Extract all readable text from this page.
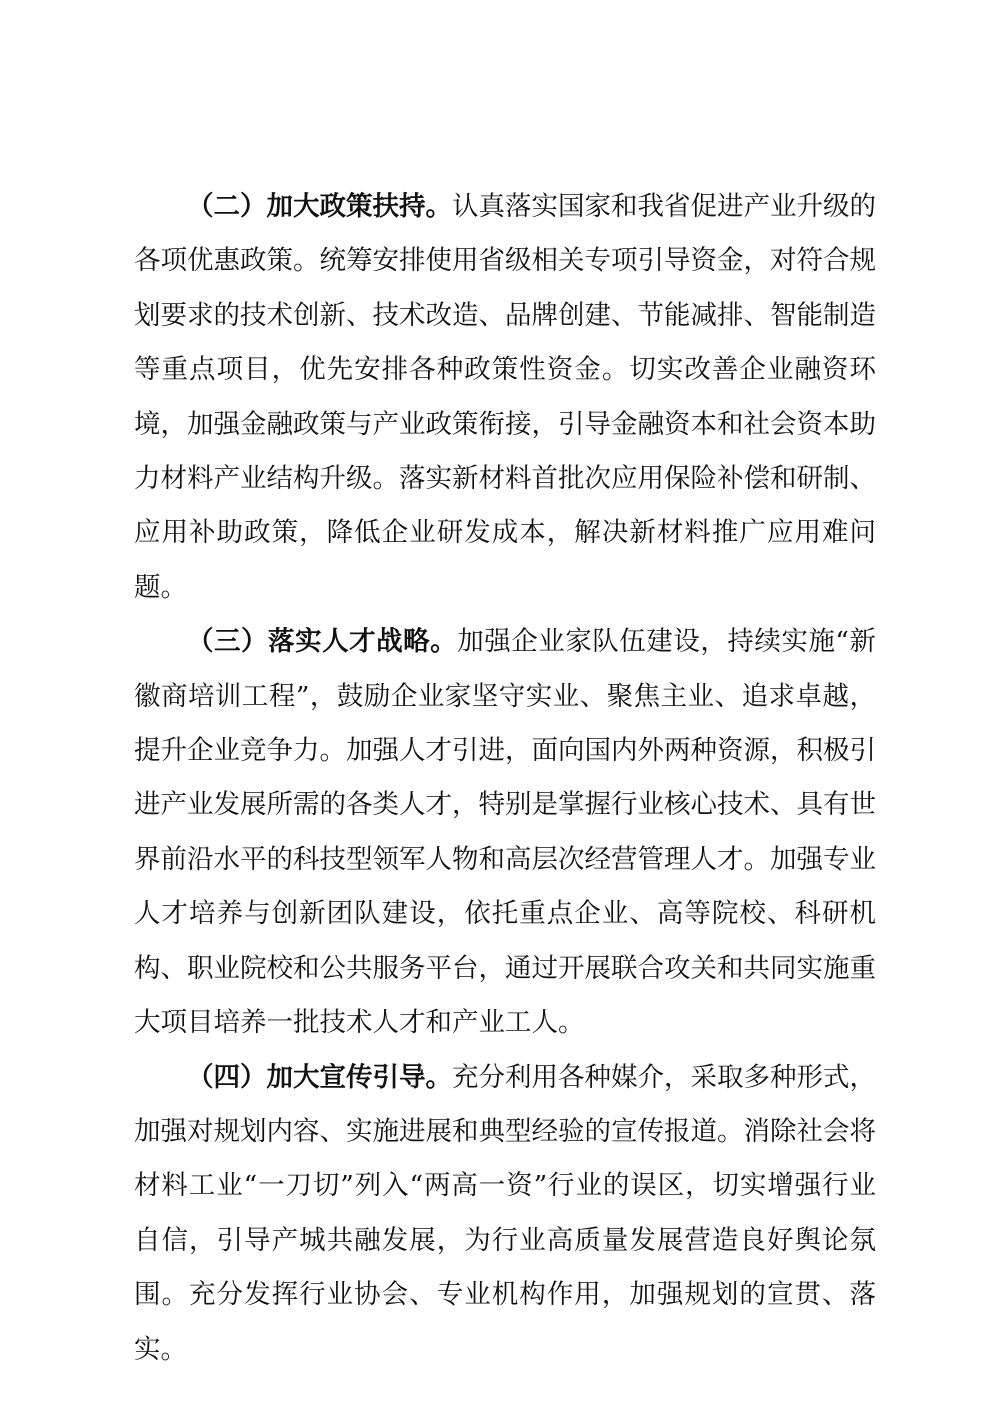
（二）加大政策扶持。认真落实国家和我省促进产业升级的各项优惠政策。统筹安排使用省级相关专项引导资金，对符合规划要求的技术创新、技术改造、品牌创建、节能减排、智能制造等重点项目，优先安排各种政策性资金。切实改善企业融资环境，加强金融政策与产业政策衔接，引导金融资本和社会资本助力材料产业结构升级。落实新材料首批次应用保险补偿和研制、应用补助政策，降低企业研发成本，解决新材料推广应用难问题。

（三）落实人才战略。加强企业家队伍建设，持续实施“新徽商培训工程”，鼓励企业家坚守实业、聚焦主业、追求卓越，提升企业竞争力。加强人才引进，面向国内外两种资源，积极引进产业发展所需的各类人才，特别是掌握行业核心技术、具有世界前沿水平的科技型领军人物和高层次经营管理人才。加强专业人才培养与创新团队建设，依托重点企业、高等院校、科研机构、职业院校和公共服务平台，通过开展联合攻关和共同实施重大项目培养一批技术人才和产业工人。

（四）加大宣传引导。充分利用各种媒介，采取多种形式，加强对规划内容、实施进展和典型经验的宣传报道。消除社会将材料工业“一刀切”列入“两高一资”行业的误区，切实增强行业自信，引导产城共融发展，为行业高质量发展营造良好舆论氛围。充分发挥行业协会、专业机构作用，加强规划的宣贯、落实。
